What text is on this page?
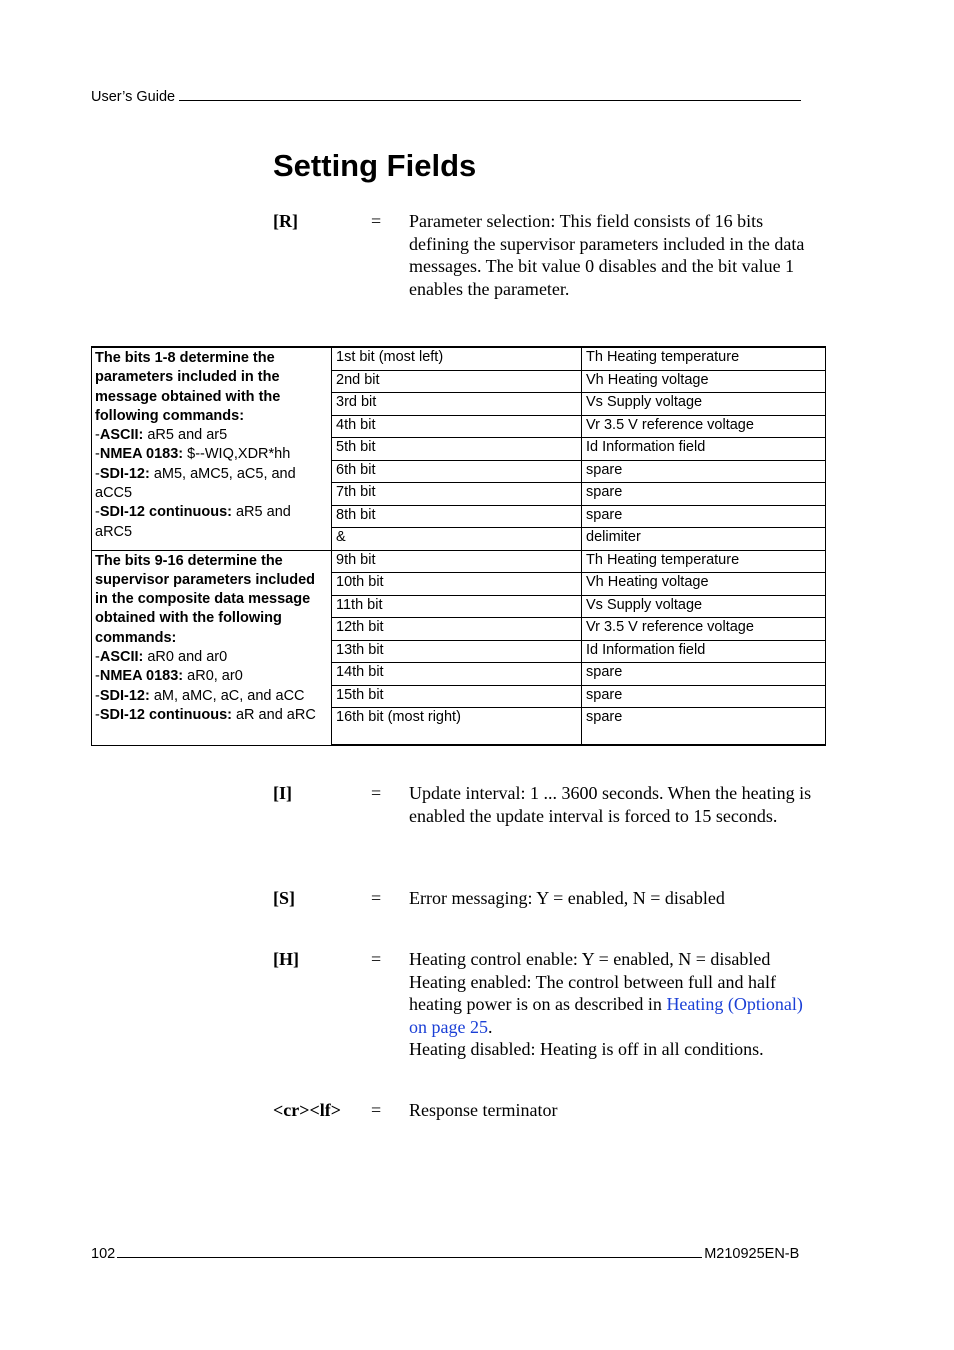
User’s Guide
Setting Fields
[R]	= Parameter selection: This field consists of 16 bits defining the supervisor parameters included in the data messages. The bit value 0 disables and the bit value 1 enables the parameter.
The bits 1-8 determine the parameters included in the message obtained with the following commands:
-ASCII: aR5 and ar5
-NMEA 0183: $--WIQ,XDR*hh
-SDI-12: aM5, aMC5, aC5, and aCC5
-SDI-12 continuous: aR5 and aRC5	1st bit (most left)	Th Heating temperature
	2nd bit	Vh Heating voltage
	3rd bit	Vs Supply voltage
	4th bit	Vr 3.5 V reference voltage
	5th bit	Id Information field
	6th bit	spare
	7th bit	spare
	8th bit	spare
	&	delimiter

The bits 9-16 determine the supervisor parameters included in the composite data message obtained with the following commands:
-ASCII: aR0 and ar0
-NMEA 0183: aR0, ar0
-SDI-12: aM, aMC, aC, and aCC
-SDI-12 continuous: aR and aRC	9th bit	Th Heating temperature
	10th bit	Vh Heating voltage
	11th bit	Vs Supply voltage
	12th bit	Vr 3.5 V reference voltage
	13th bit	Id Information field
	14th bit	spare
	15th bit	spare
	16th bit (most right)	spare
[I]	= Update interval: 1 ... 3600 seconds. When the heating is enabled the update interval is forced to 15 seconds.
[S]	= Error messaging: Y = enabled, N = disabled
[H]	= Heating control enable: Y = enabled, N = disabled

Heating enabled: The control between full and half heating power is on as described in Heating (Optional) on page 25.

Heating disabled: Heating is off in all conditions.

<cr><lf> = Response terminator
102	M210925EN-B
